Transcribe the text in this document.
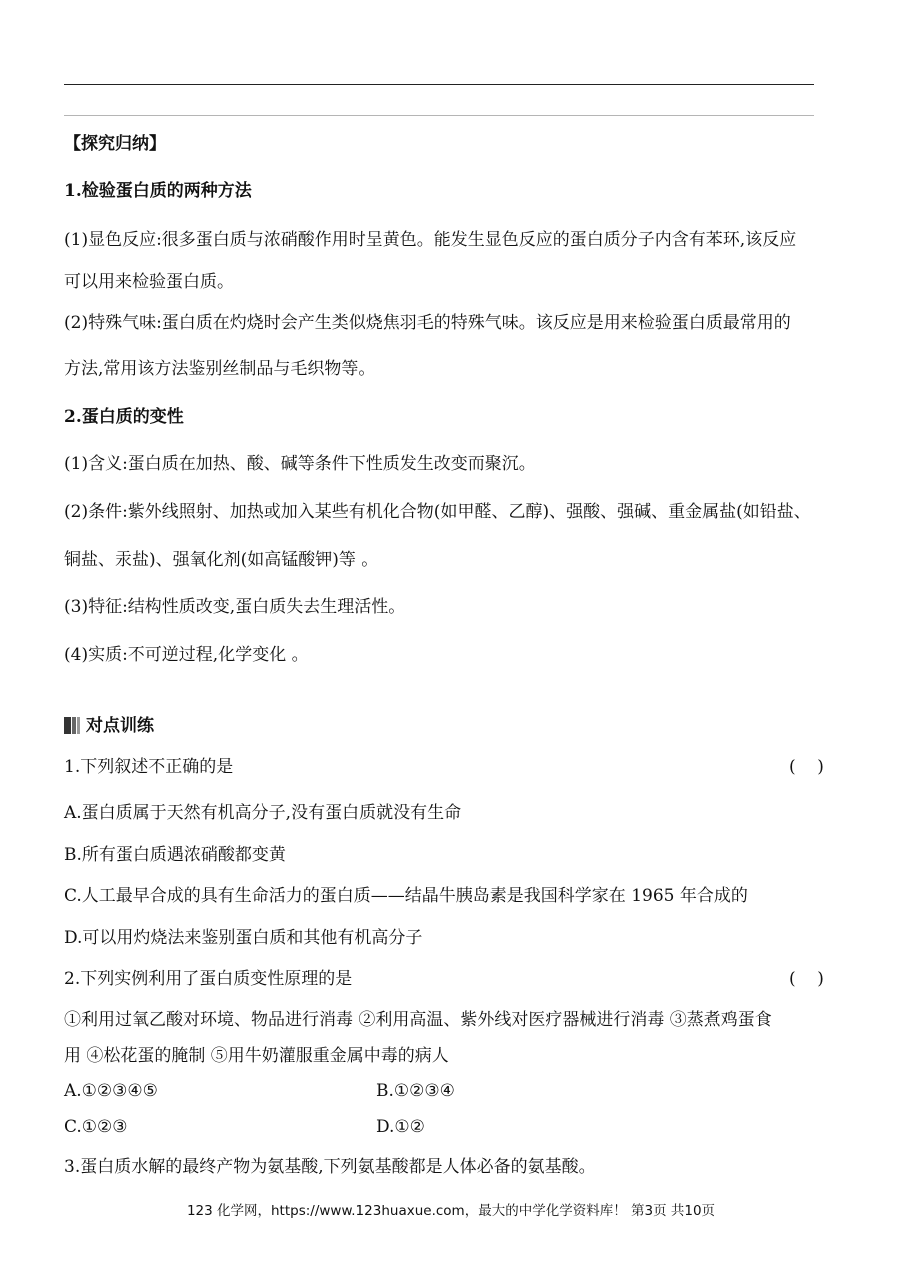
【探究归纳】
1.检验蛋白质的两种方法
(1)显色反应:很多蛋白质与浓硝酸作用时呈黄色。能发生显色反应的蛋白质分子内含有苯环,该反应
可以用来检验蛋白质。
(2)特殊气味:蛋白质在灼烧时会产生类似烧焦羽毛的特殊气味。该反应是用来检验蛋白质最常用的
方法,常用该方法鉴别丝制品与毛织物等。
2.蛋白质的变性
(1)含义:蛋白质在加热、酸、碱等条件下性质发生改变而聚沉。
(2)条件:紫外线照射、加热或加入某些有机化合物(如甲醛、乙醇)、强酸、强碱、重金属盐(如铅盐、
铜盐、汞盐)、强氧化剂(如高锰酸钾)等 。
(3)特征:结构性质改变,蛋白质失去生理活性。
(4)实质:不可逆过程,化学变化 。
对点训练
1.下列叙述不正确的是	(    )
A.蛋白质属于天然有机高分子,没有蛋白质就没有生命
B.所有蛋白质遇浓硝酸都变黄
C.人工最早合成的具有生命活力的蛋白质——结晶牛胰岛素是我国科学家在 1965 年合成的
D.可以用灼烧法来鉴别蛋白质和其他有机高分子
2.下列实例利用了蛋白质变性原理的是	(    )
①利用过氧乙酸对环境、物品进行消毒 ②利用高温、紫外线对医疗器械进行消毒 ③蒸煮鸡蛋食
用 ④松花蛋的腌制 ⑤用牛奶灌服重金属中毒的病人
A.①②③④⑤	B.①②③④
C.①②③	D.①②
3.蛋白质水解的最终产物为氨基酸,下列氨基酸都是人体必备的氨基酸。
123 化学网，https://www.123huaxue.com，最大的中学化学资料库！ 第3页 共10页
